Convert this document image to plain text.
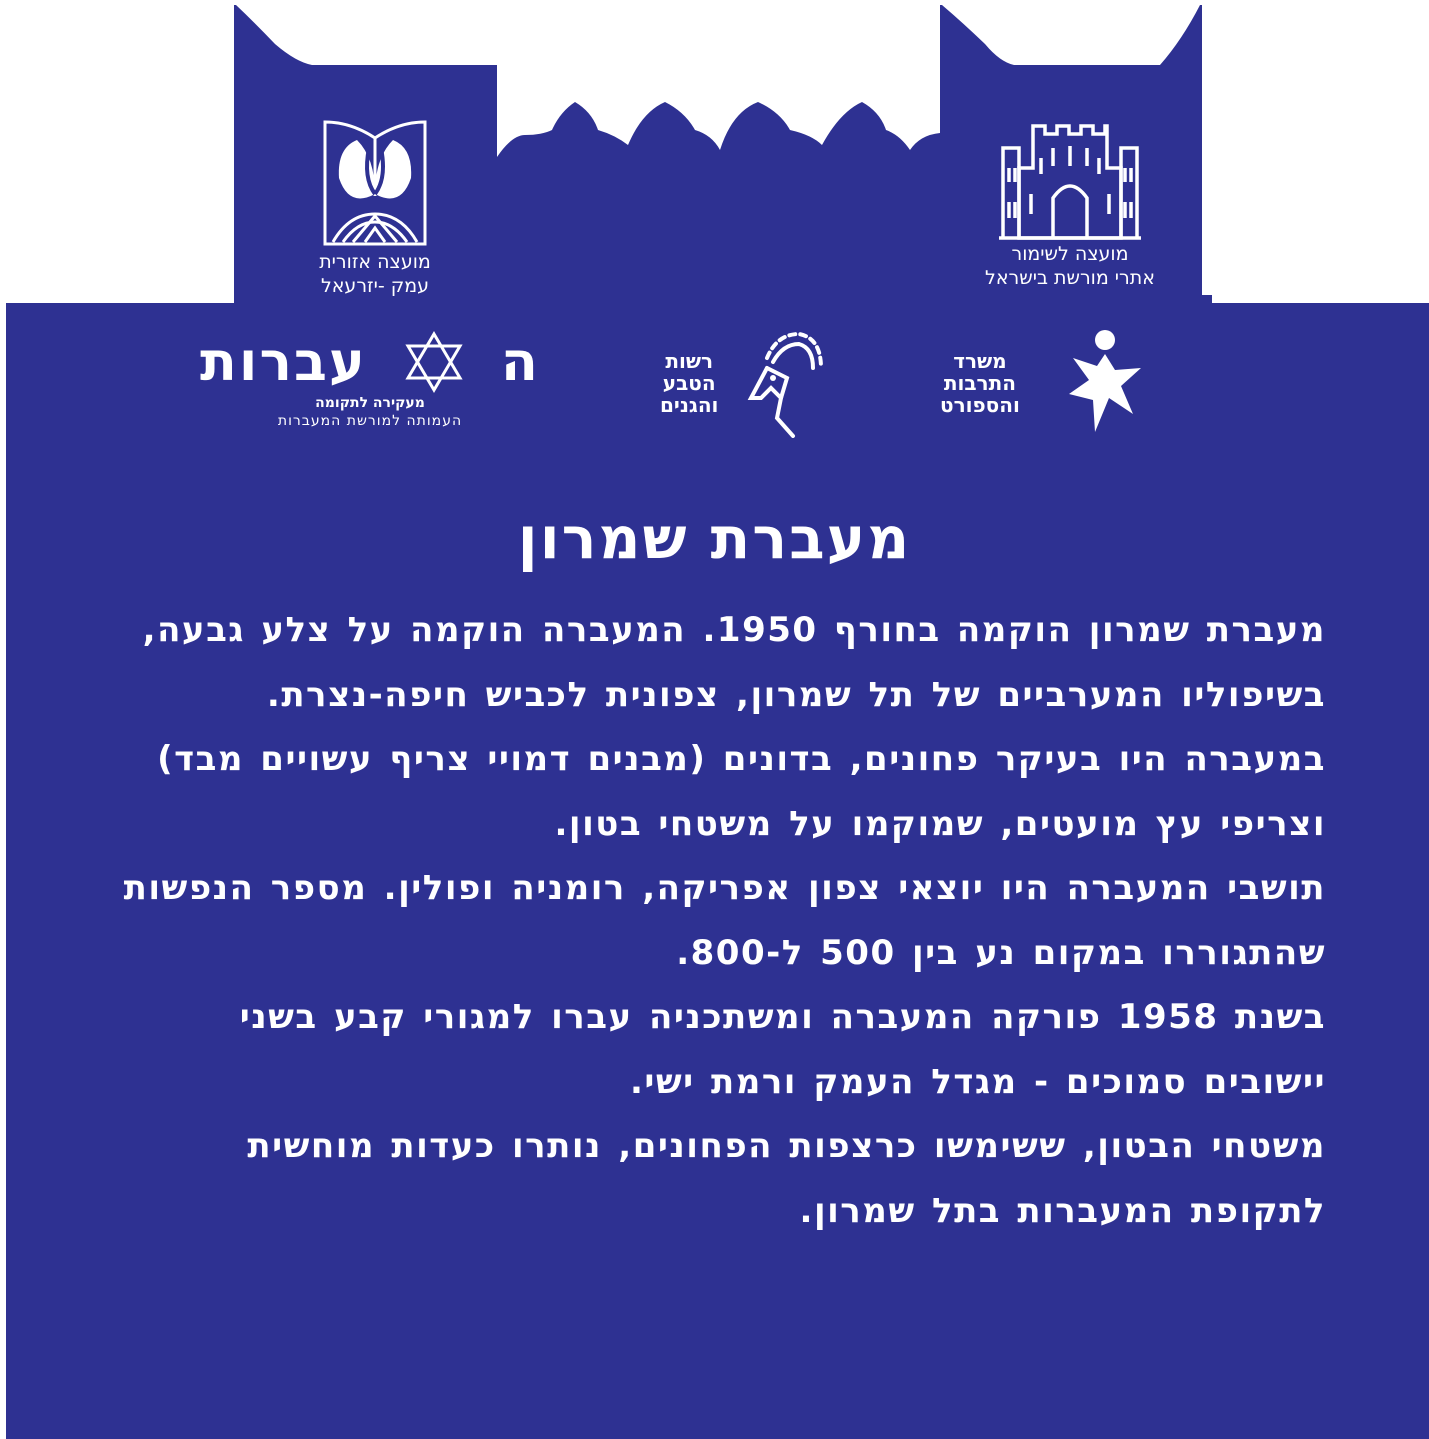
מועצה אזורית
עמק -יזרעאל
מועצה לשימור
אתרי מורשת בישראל
ה
עברות
מעקירה לתקומה
העמותה למורשת המעברות
רשות
הטבע
והגנים
משרד
התרבות
והספורט
מעברת שמרון

מעברת שמרון הוקמה בחורף 1950. המעברה הוקמה על צלע גבעה, בשיפוליו המערביים של תל שמרון, צפונית לכביש חיפה-נצרת.

במעברה היו בעיקר פחונים, בדונים (מבנים דמויי צריף עשויים מבד) וצריפי עץ מועטים, שמוקמו על משטחי בטון.

תושבי המעברה היו יוצאי צפון אפריקה, רומניה ופולין. מספר הנפשות שהתגוררו במקום נע בין 500 ל-800.

בשנת 1958 פורקה המעברה ומשתכניה עברו למגורי קבע בשני יישובים סמוכים - מגדל העמק ורמת ישי.

משטחי הבטון, ששימשו כרצפות הפחונים, נותרו כעדות מוחשית לתקופת המעברות בתל שמרון.
